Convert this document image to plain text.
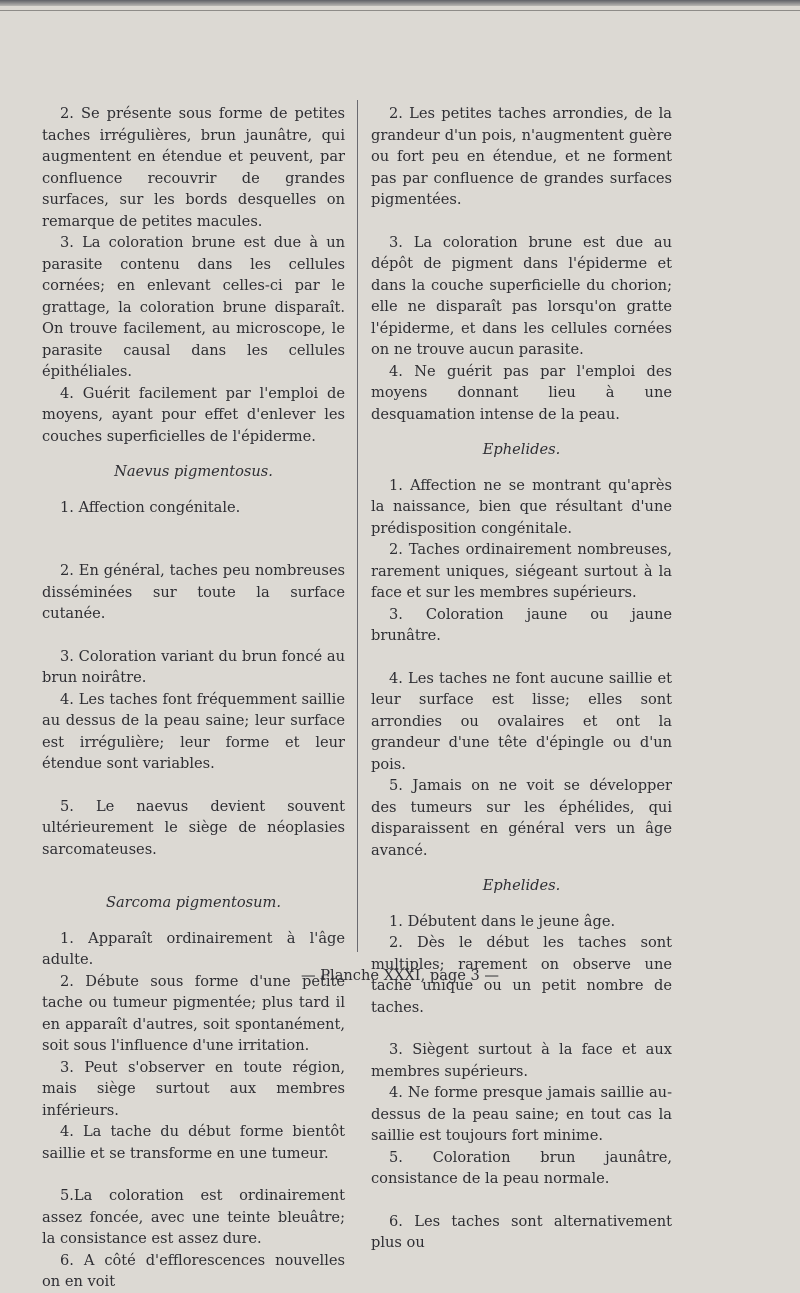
2. Se présente sous forme de petites taches irrégulières, brun jaunâtre, qui augmentent en étendue et peuvent, par confluence recouvrir de grandes surfaces, sur les bords desquelles on remarque de petites macules.

3. La coloration brune est due à un parasite contenu dans les cellules cornées; en enlevant celles-ci par le grattage, la coloration brune disparaît. On trouve facilement, au microscope, le parasite causal dans les cellules épithéliales.

4. Guérit facilement par l'emploi de moyens, ayant pour effet d'enlever les couches superficielles de l'épiderme.

Naevus pigmentosus.

1. Affection congénitale.

2. En général, taches peu nombreuses disséminées sur toute la surface cutanée.

3. Coloration variant du brun foncé au brun noirâtre.

4. Les taches font fréquemment saillie au dessus de la peau saine; leur surface est irrégulière; leur forme et leur étendue sont variables.

5. Le naevus devient souvent ultérieurement le siège de néoplasies sarcomateuses.

Sarcoma pigmentosum.

1. Apparaît ordinairement à l'âge adulte.

2. Débute sous forme d'une petite tache ou tumeur pigmentée; plus tard il en apparaît d'autres, soit spontanément, soit sous l'influence d'une irritation.

3. Peut s'observer en toute région, mais siège surtout aux membres inférieurs.

4. La tache du début forme bientôt saillie et se transforme en une tumeur.

5.La coloration est ordinairement assez foncée, avec une teinte bleuâtre; la consistance est assez dure.

6. A côté d'efflorescences nouvelles on en voit

2. Les petites taches arrondies, de la grandeur d'un pois, n'augmentent guère ou fort peu en étendue, et ne forment pas par confluence de grandes surfaces pigmentées.

3. La coloration brune est due au dépôt de pigment dans l'épiderme et dans la couche superficielle du chorion; elle ne disparaît pas lorsqu'on gratte l'épiderme, et dans les cellules cornées on ne trouve aucun parasite.

4. Ne guérit pas par l'emploi des moyens donnant lieu à une desquamation intense de la peau.

Ephelides.

1. Affection ne se montrant qu'après la naissance, bien que résultant d'une prédisposition congénitale.

2. Taches ordinairement nombreuses, rarement uniques, siégeant surtout à la face et sur les membres supérieurs.

3. Coloration jaune ou jaune brunâtre.

4. Les taches ne font aucune saillie et leur surface est lisse; elles sont arrondies ou ovalaires et ont la grandeur d'une tête d'épingle ou d'un pois.

5. Jamais on ne voit se développer des tumeurs sur les éphélides, qui disparaissent en général vers un âge avancé.

Ephelides.

1. Débutent dans le jeune âge.

2. Dès le début les taches sont multiples; rarement on observe une tache unique ou un petit nombre de taches.

3. Siègent surtout à la face et aux membres supérieurs.

4. Ne forme presque jamais saillie au-dessus de la peau saine; en tout cas la saillie est toujours fort minime.

5. Coloration brun jaunâtre, consistance de la peau normale.

6. Les taches sont alternativement plus ou

— Planche XXXI, page 3 —
